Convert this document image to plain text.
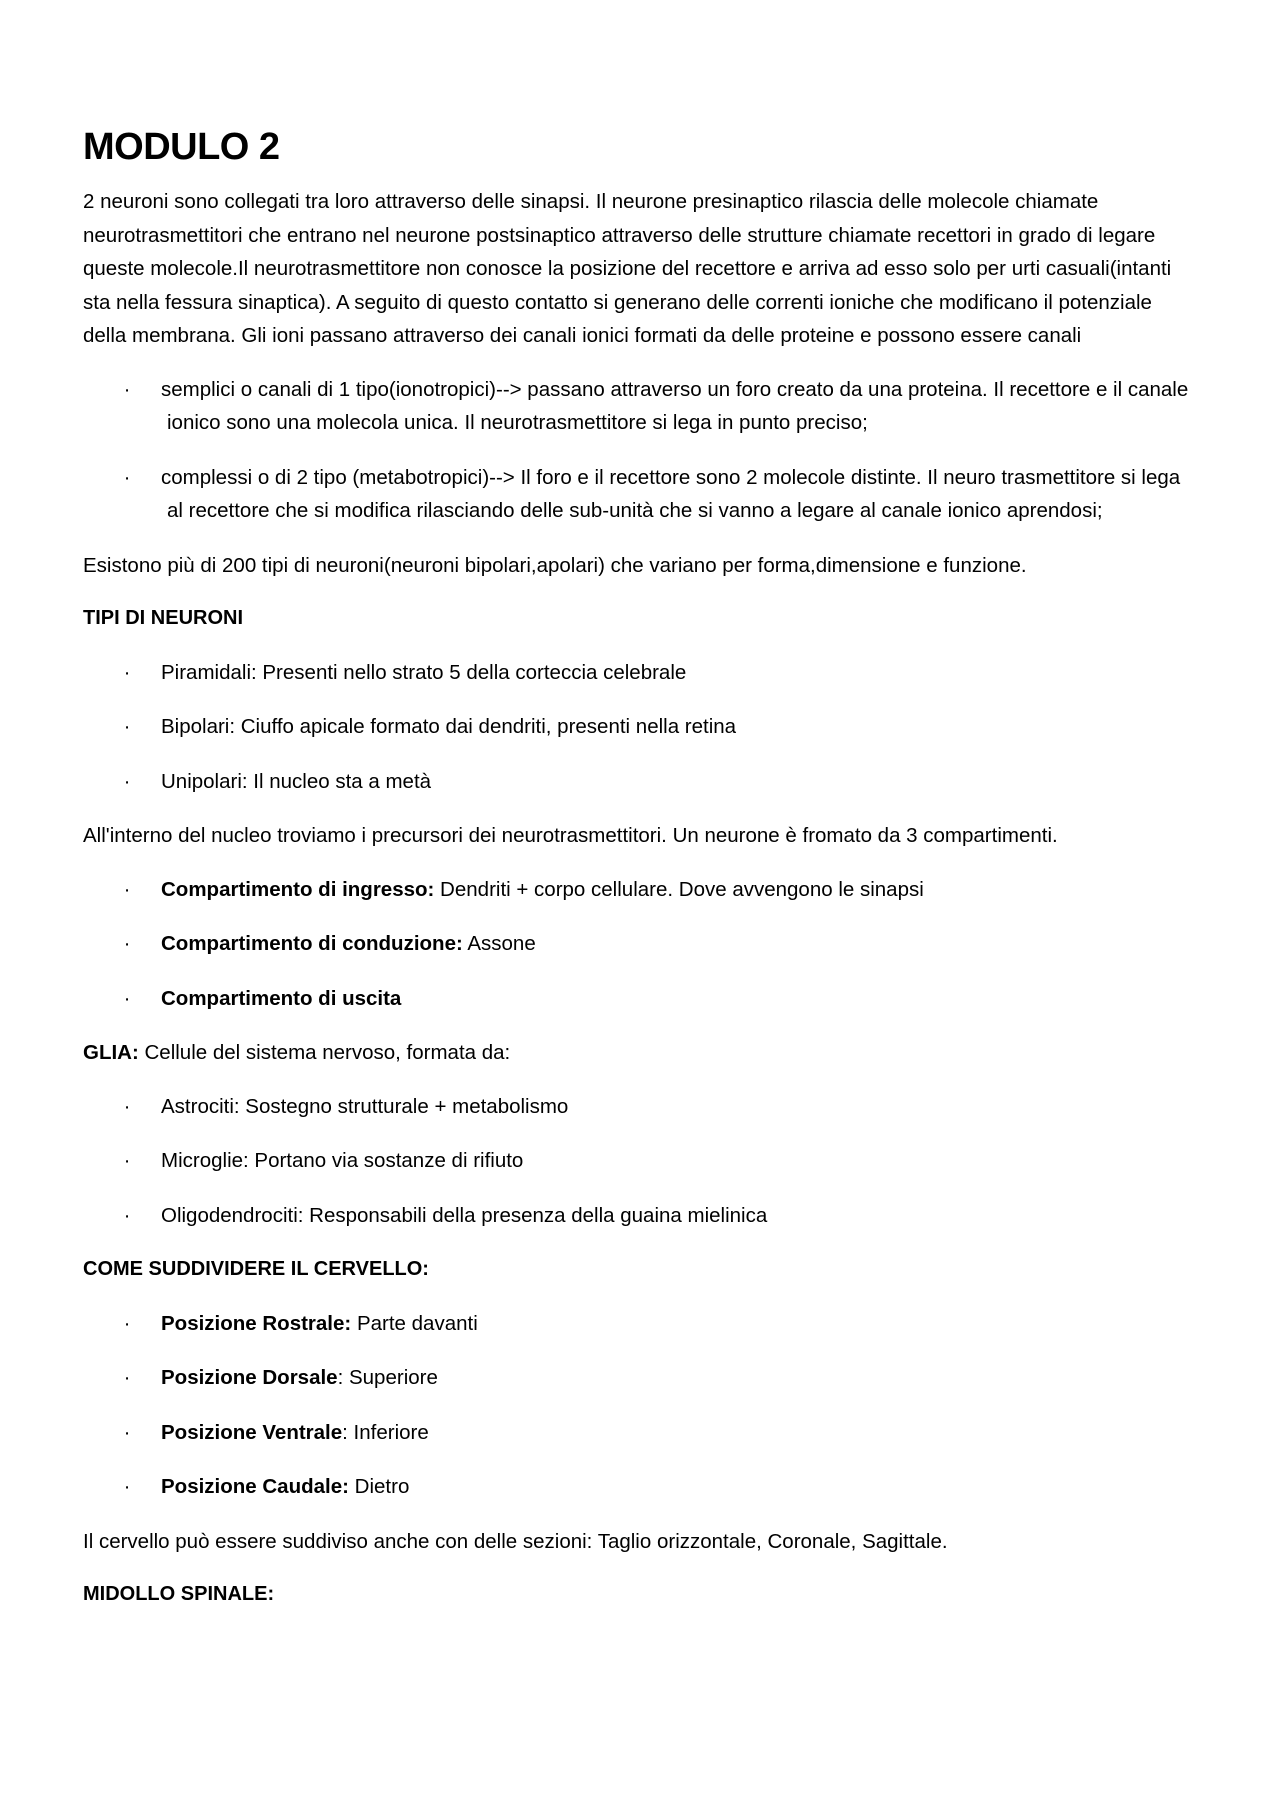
MODULO 2

2 neuroni sono collegati tra loro attraverso delle sinapsi. Il neurone presinaptico rilascia delle molecole chiamate neurotrasmettitori che entrano nel neurone postsinaptico attraverso delle strutture chiamate recettori in grado di legare queste molecole.Il neurotrasmettitore non conosce la posizione del recettore e arriva ad esso solo per urti casuali(intanti sta nella fessura sinaptica). A seguito di questo contatto si generano delle correnti ioniche che modificano il potenziale della membrana. Gli ioni passano attraverso dei canali ionici formati da delle proteine e possono essere canali

· semplici o canali di 1 tipo(ionotropici)--> passano attraverso un foro creato da una proteina. Il recettore e il canale ionico sono una molecola unica. Il neurotrasmettitore si lega in punto preciso;
· complessi o di 2 tipo (metabotropici)--> Il foro e il recettore sono 2 molecole distinte. Il neuro trasmettitore si lega al recettore che si modifica rilasciando delle sub-unità che si vanno a legare al canale ionico aprendosi;

Esistono più di 200 tipi di neuroni(neuroni bipolari,apolari) che variano per forma,dimensione e funzione.

TIPI DI NEURONI

· Piramidali: Presenti nello strato 5 della corteccia celebrale
· Bipolari: Ciuffo apicale formato dai dendriti, presenti nella retina
· Unipolari: Il nucleo sta a metà

All'interno del nucleo troviamo i precursori dei neurotrasmettitori. Un neurone è fromato da 3 compartimenti.

· Compartimento di ingresso: Dendriti + corpo cellulare. Dove avvengono le sinapsi
· Compartimento di conduzione: Assone
· Compartimento di uscita

GLIA: Cellule del sistema nervoso, formata da:

· Astrociti: Sostegno strutturale + metabolismo
· Microglie: Portano via sostanze di rifiuto
· Oligodendrociti: Responsabili della presenza della guaina mielinica

COME SUDDIVIDERE IL CERVELLO:

· Posizione Rostrale: Parte davanti
· Posizione Dorsale: Superiore
· Posizione Ventrale: Inferiore
· Posizione Caudale: Dietro

Il cervello può essere suddiviso anche con delle sezioni: Taglio orizzontale, Coronale, Sagittale.

MIDOLLO SPINALE:
